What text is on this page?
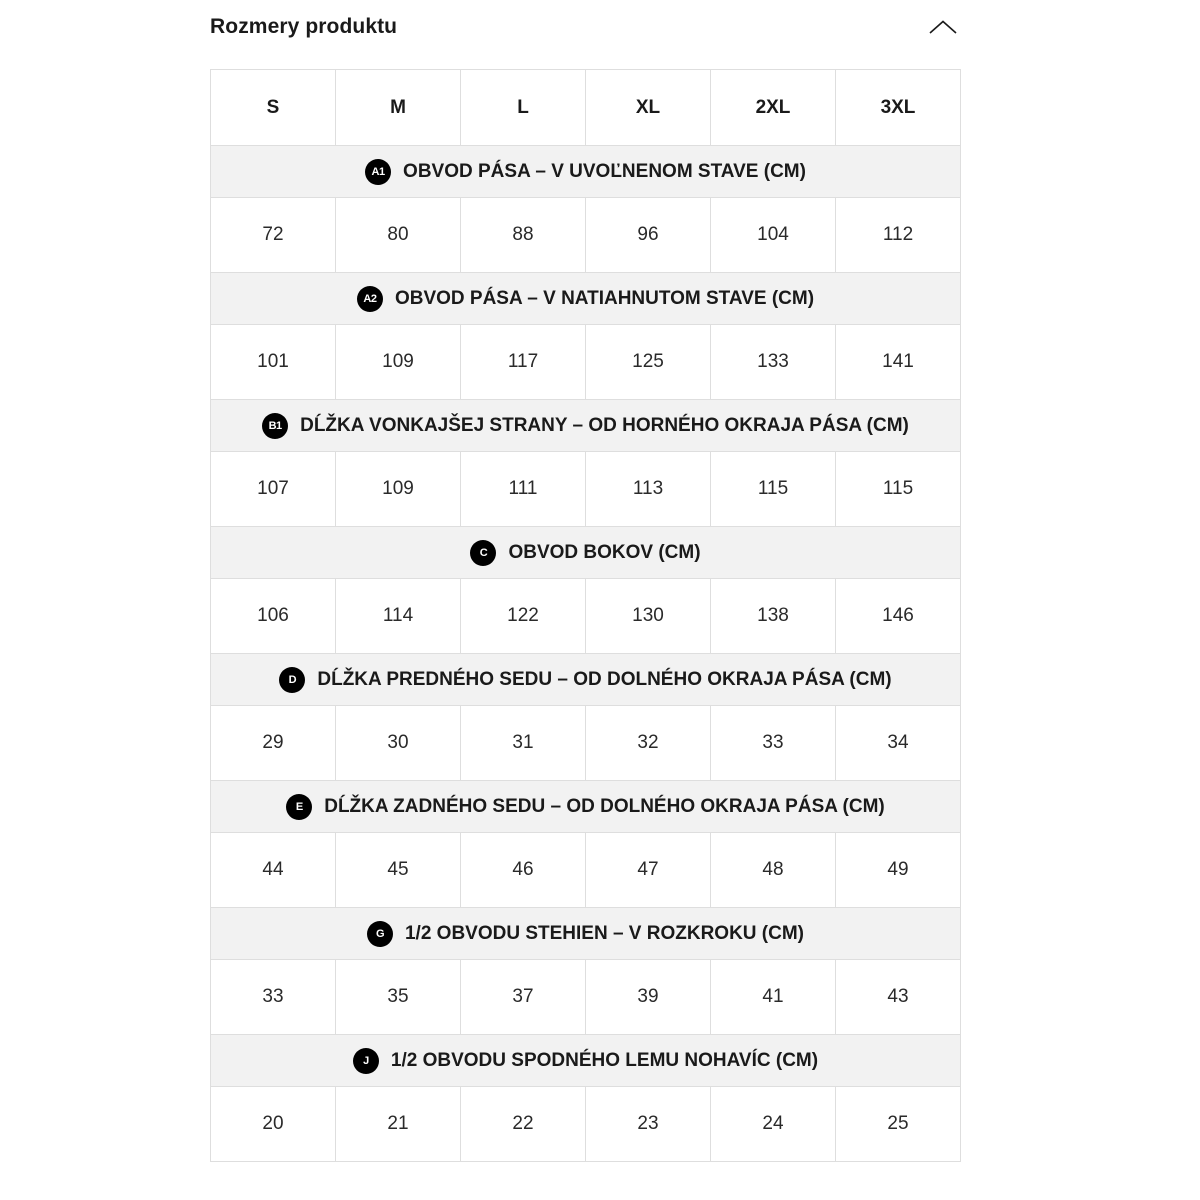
Rozmery produktu
S	M	L	XL	2XL	3XL

A1 OBVOD PÁSA – V UVOĽNENOM STAVE (CM)					

72	80	88	96	104	112

A2 OBVOD PÁSA – V NATIAHNUTOM STAVE (CM)					

101	109	117	125	133	141

B1 DĹŽKA VONKAJŠEJ STRANY – OD HORNÉHO OKRAJA PÁSA (CM)					

107	109	111	113	115	115

C OBVOD BOKOV (CM)					

106	114	122	130	138	146

D DĹŽKA PREDNÉHO SEDU – OD DOLNÉHO OKRAJA PÁSA (CM)					

29	30	31	32	33	34

E DĹŽKA ZADNÉHO SEDU – OD DOLNÉHO OKRAJA PÁSA (CM)					

44	45	46	47	48	49

G 1/2 OBVODU STEHIEN – V ROZKROKU (CM)					

33	35	37	39	41	43

J 1/2 OBVODU SPODNÉHO LEMU NOHAVÍC (CM)					

20	21	22	23	24	25
